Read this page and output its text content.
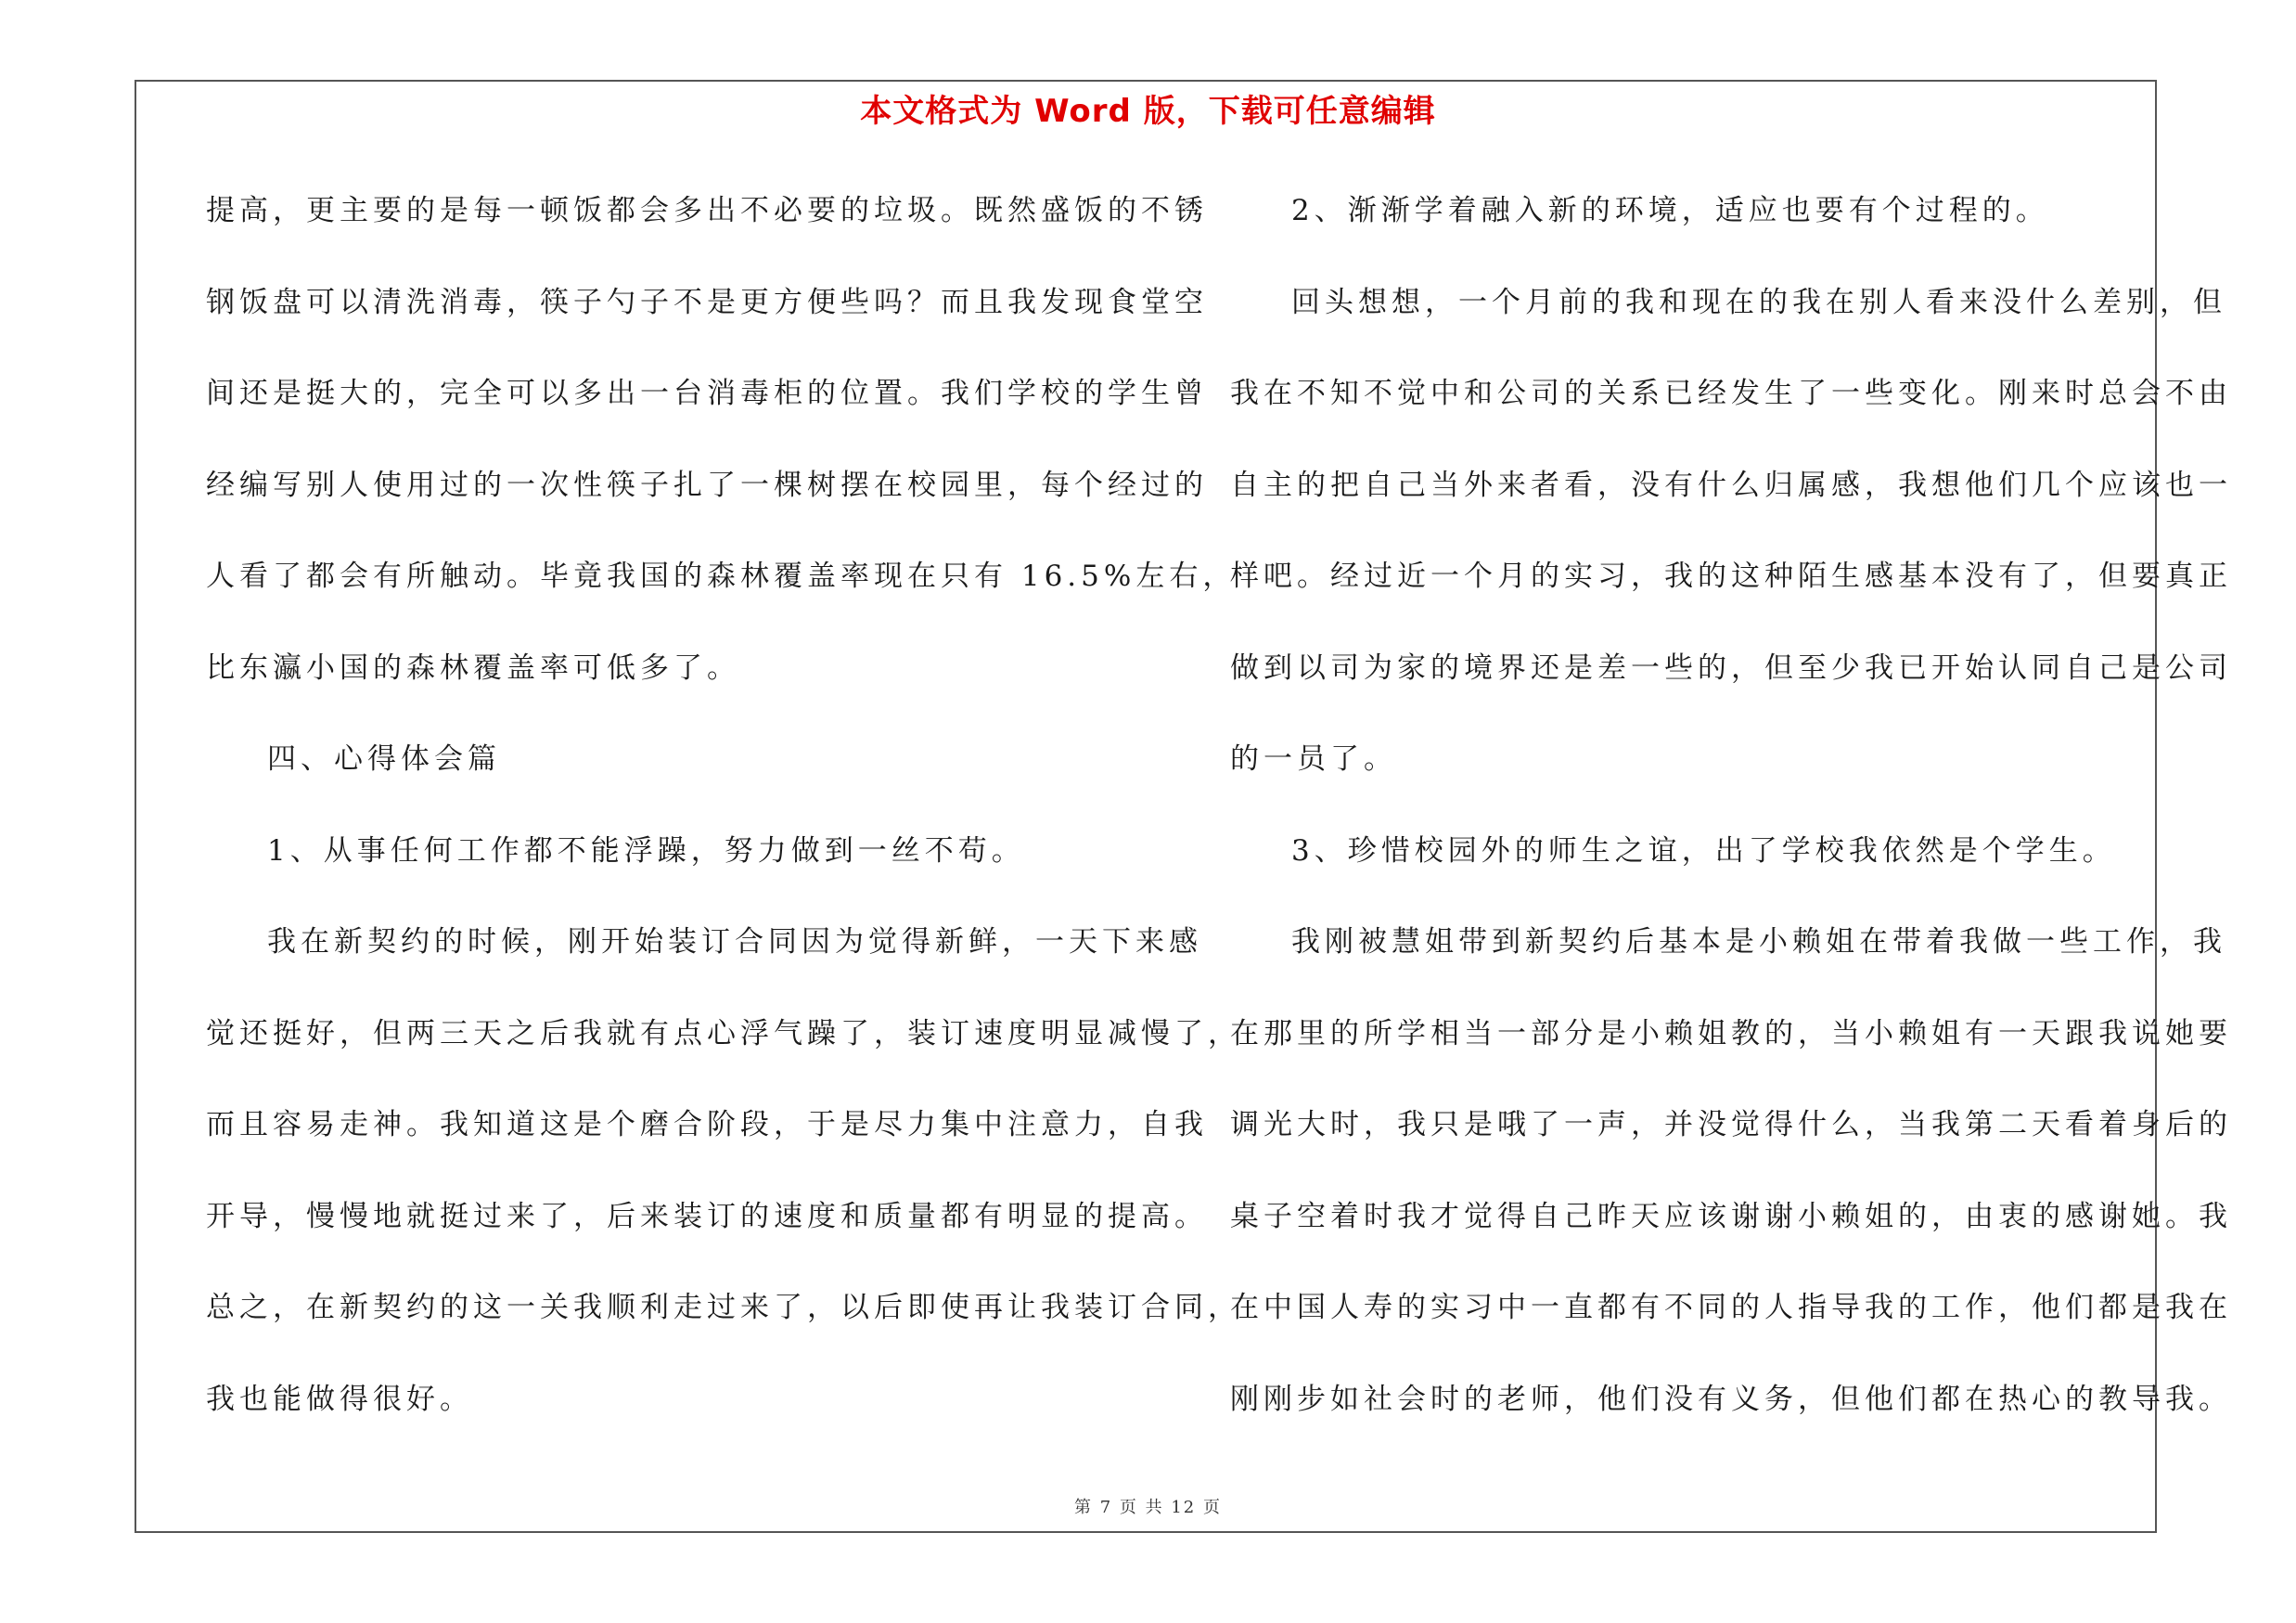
本文格式为 Word 版，下载可任意编辑
提高，更主要的是每一顿饭都会多出不必要的垃圾。既然盛饭的不锈
钢饭盘可以清洗消毒，筷子勺子不是更方便些吗？而且我发现食堂空
间还是挺大的，完全可以多出一台消毒柜的位置。我们学校的学生曾
经编写别人使用过的一次性筷子扎了一棵树摆在校园里，每个经过的
人看了都会有所触动。毕竟我国的森林覆盖率现在只有 16.5%左右，
比东瀛小国的森林覆盖率可低多了。
四、心得体会篇
1、从事任何工作都不能浮躁，努力做到一丝不苟。
我在新契约的时候，刚开始装订合同因为觉得新鲜，一天下来感
觉还挺好，但两三天之后我就有点心浮气躁了，装订速度明显减慢了，
而且容易走神。我知道这是个磨合阶段，于是尽力集中注意力，自我
开导，慢慢地就挺过来了，后来装订的速度和质量都有明显的提高。
总之，在新契约的这一关我顺利走过来了，以后即使再让我装订合同，
我也能做得很好。
2、渐渐学着融入新的环境，适应也要有个过程的。
回头想想，一个月前的我和现在的我在别人看来没什么差别，但
我在不知不觉中和公司的关系已经发生了一些变化。刚来时总会不由
自主的把自己当外来者看，没有什么归属感，我想他们几个应该也一
样吧。经过近一个月的实习，我的这种陌生感基本没有了，但要真正
做到以司为家的境界还是差一些的，但至少我已开始认同自己是公司
的一员了。
3、珍惜校园外的师生之谊，出了学校我依然是个学生。
我刚被慧姐带到新契约后基本是小赖姐在带着我做一些工作，我
在那里的所学相当一部分是小赖姐教的，当小赖姐有一天跟我说她要
调光大时，我只是哦了一声，并没觉得什么，当我第二天看着身后的
桌子空着时我才觉得自己昨天应该谢谢小赖姐的，由衷的感谢她。我
在中国人寿的实习中一直都有不同的人指导我的工作，他们都是我在
刚刚步如社会时的老师，他们没有义务，但他们都在热心的教导我。
第 7 页 共 12 页
